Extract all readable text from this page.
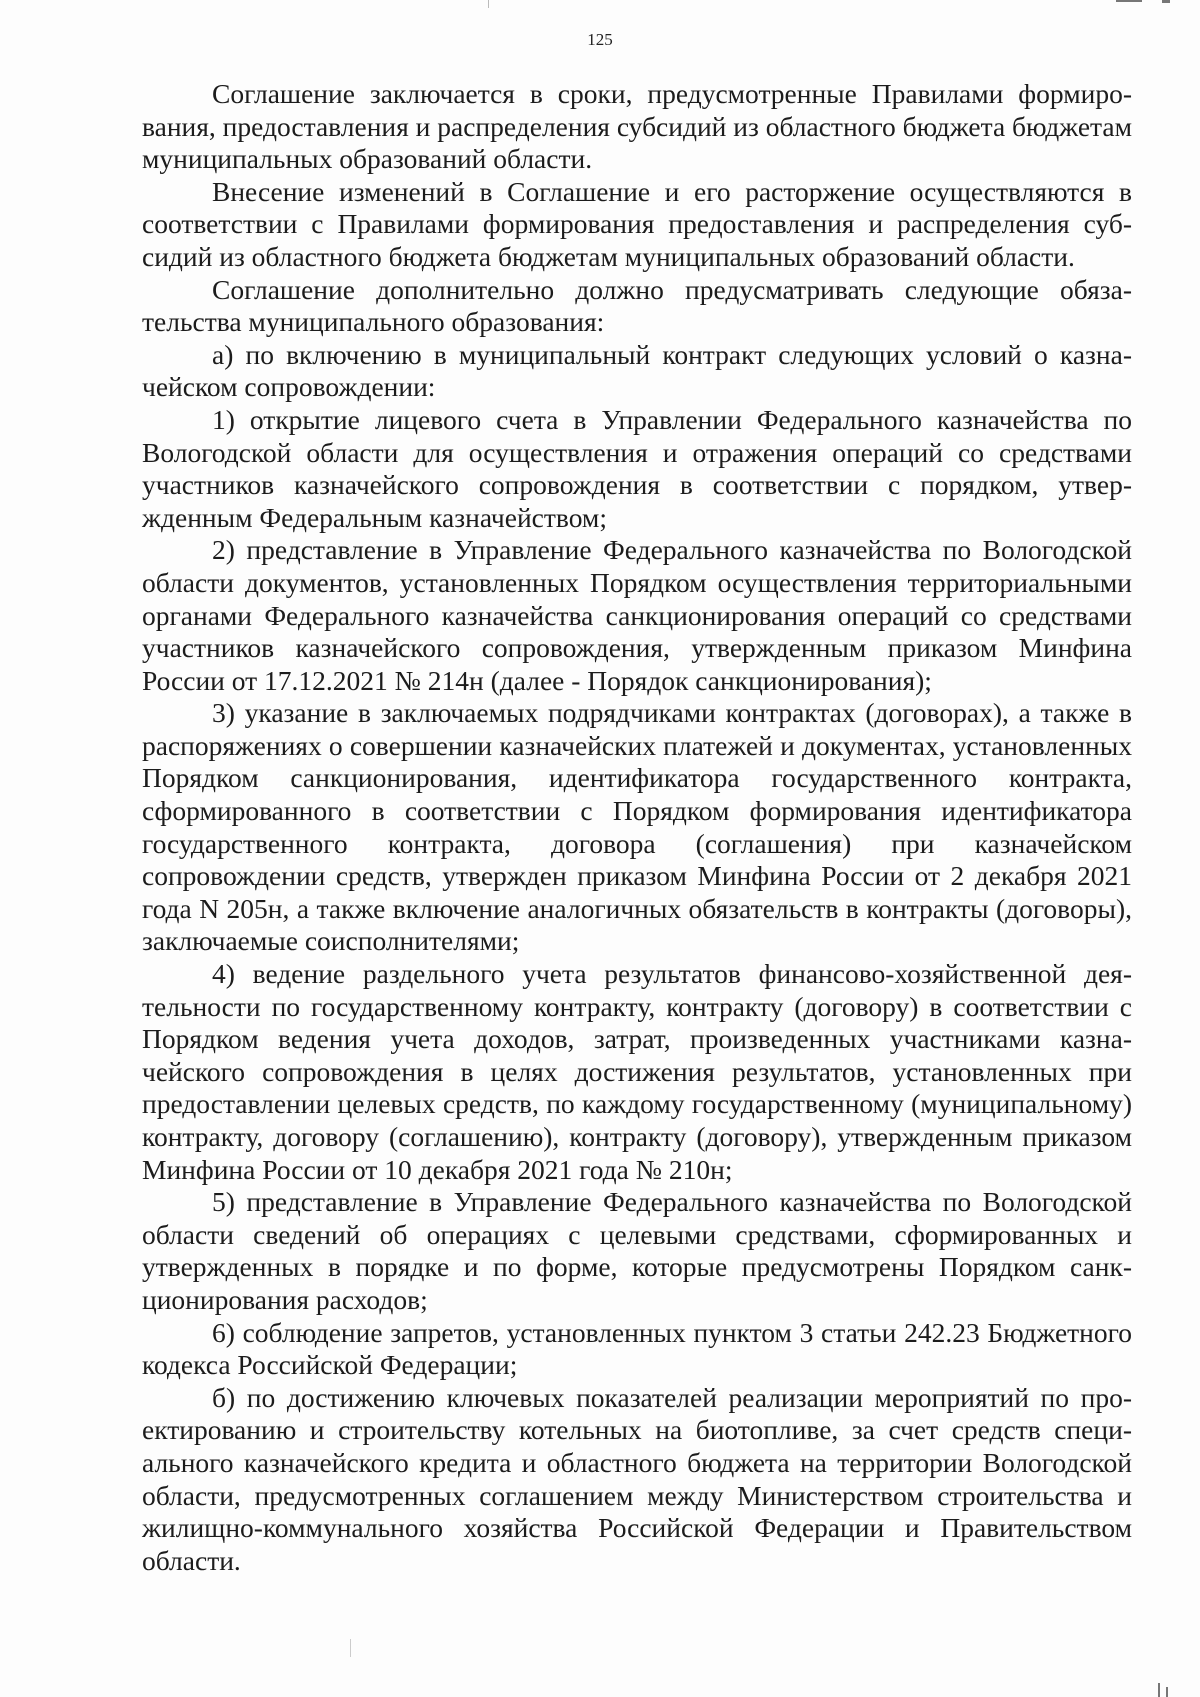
125

Соглашение заключается в сроки, предусмотренные Правилами формирования, предоставления и распределения субсидий из областного бюджета бюджетам муниципальных образований области.

Внесение изменений в Соглашение и его расторжение осуществляются в соответствии с Правилами формирования предоставления и распределения субсидий из областного бюджета бюджетам муниципальных образований области.

Соглашение дополнительно должно предусматривать следующие обязательства муниципального образования:

а) по включению в муниципальный контракт следующих условий о казначейском сопровождении:

1) открытие лицевого счета в Управлении Федерального казначейства по Вологодской области для осуществления и отражения операций со средствами участников казначейского сопровождения в соответствии с порядком, утвержденным Федеральным казначейством;

2) представление в Управление Федерального казначейства по Вологодской области документов, установленных Порядком осуществления территориальными органами Федерального казначейства санкционирования операций со средствами участников казначейского сопровождения, утвержденным приказом Минфина России от 17.12.2021 № 214н (далее - Порядок санкционирования);

3) указание в заключаемых подрядчиками контрактах (договорах), а также в распоряжениях о совершении казначейских платежей и документах, установленных Порядком санкционирования, идентификатора государственного контракта, сформированного в соответствии с Порядком формирования идентификатора государственного контракта, договора (соглашения) при казначейском сопровождении средств, утвержден приказом Минфина России от 2 декабря 2021 года N 205н, а также включение аналогичных обязательств в контракты (договоры), заключаемые соисполнителями;

4) ведение раздельного учета результатов финансово-хозяйственной деятельности по государственному контракту, контракту (договору) в соответствии с Порядком ведения учета доходов, затрат, произведенных участниками казначейского сопровождения в целях достижения результатов, установленных при предоставлении целевых средств, по каждому государственному (муниципальному) контракту, договору (соглашению), контракту (договору), утвержденным приказом Минфина России от 10 декабря 2021 года № 210н;

5) представление в Управление Федерального казначейства по Вологодской области сведений об операциях с целевыми средствами, сформированных и утвержденных в порядке и по форме, которые предусмотрены Порядком санкционирования расходов;

6) соблюдение запретов, установленных пунктом 3 статьи 242.23 Бюджетного кодекса Российской Федерации;

б) по достижению ключевых показателей реализации мероприятий по проектированию и строительству котельных на биотопливе, за счет средств специального казначейского кредита и областного бюджета на территории Вологодской области, предусмотренных соглашением между Министерством строительства и жилищно-коммунального хозяйства Российской Федерации и Правительством области.
